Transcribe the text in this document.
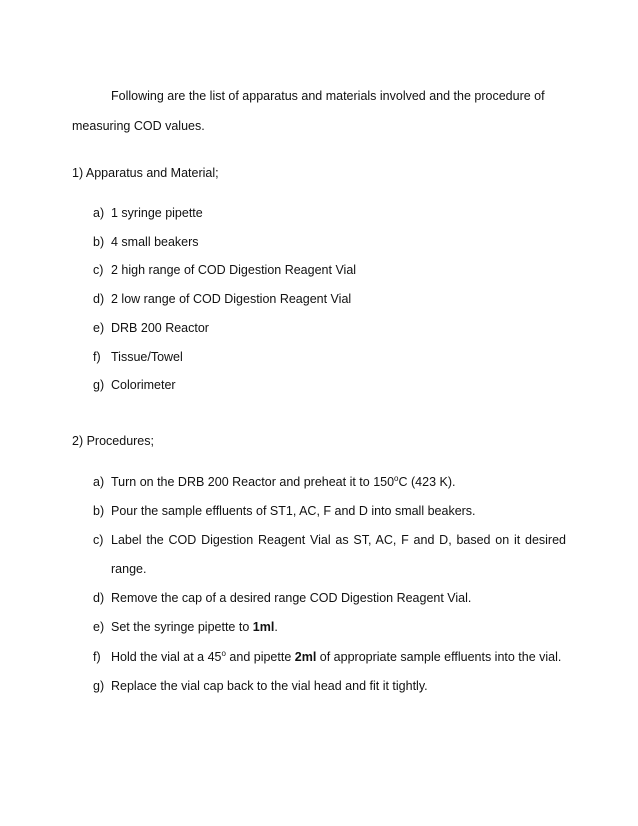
Following are the list of apparatus and materials involved and the procedure of
measuring COD values.
1) Apparatus and Material;
a) 1 syringe pipette
b) 4 small beakers
c) 2 high range of COD Digestion Reagent Vial
d) 2 low range of COD Digestion Reagent Vial
e) DRB 200 Reactor
f) Tissue/Towel
g) Colorimeter
2) Procedures;
a) Turn on the DRB 200 Reactor and preheat it to 150$^o$C (423 K).
b) Pour the sample effluents of ST1, AC, F and D into small beakers.
c) Label the COD Digestion Reagent Vial as ST, AC, F and D, based on it desired
range.
d) Remove the cap of a desired range COD Digestion Reagent Vial.
e) Set the syringe pipette to 1ml.
f) Hold the vial at a 45$^o$ and pipette 2ml of appropriate sample effluents into the vial.
g) Replace the vial cap back to the vial head and fit it tightly.
